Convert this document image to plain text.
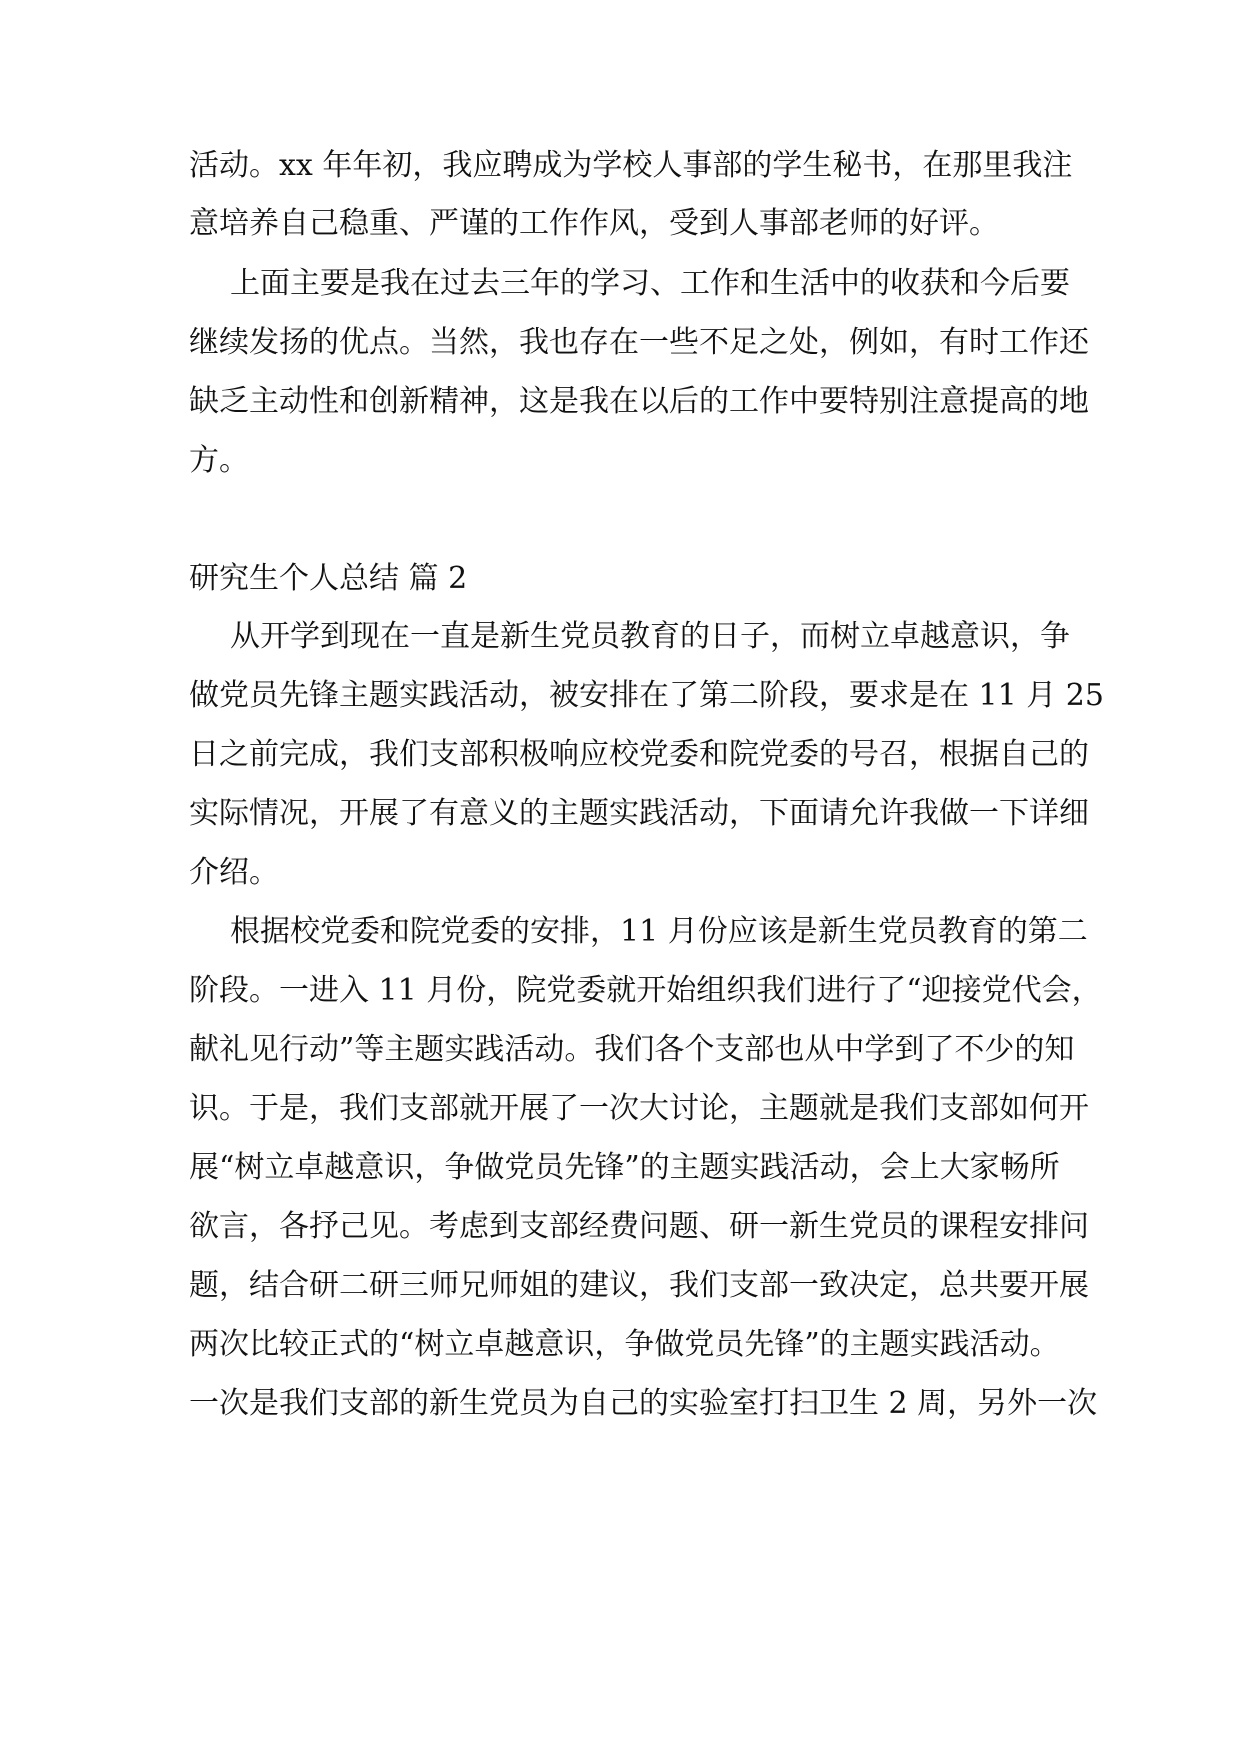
活动。xx 年年初，我应聘成为学校人事部的学生秘书，在那里我注
意培养自己稳重、严谨的工作作风，受到人事部老师的好评。
上面主要是我在过去三年的学习、工作和生活中的收获和今后要
继续发扬的优点。当然，我也存在一些不足之处，例如，有时工作还
缺乏主动性和创新精神，这是我在以后的工作中要特别注意提高的地
方。
研究生个人总结 篇 2
从开学到现在一直是新生党员教育的日子，而树立卓越意识，争
做党员先锋主题实践活动，被安排在了第二阶段，要求是在 11 月 25
日之前完成，我们支部积极响应校党委和院党委的号召，根据自己的
实际情况，开展了有意义的主题实践活动，下面请允许我做一下详细
介绍。
根据校党委和院党委的安排，11 月份应该是新生党员教育的第二
阶段。一进入 11 月份，院党委就开始组织我们进行了“迎接党代会，
献礼见行动”等主题实践活动。我们各个支部也从中学到了不少的知
识。于是，我们支部就开展了一次大讨论，主题就是我们支部如何开
展“树立卓越意识，争做党员先锋”的主题实践活动，会上大家畅所
欲言，各抒己见。考虑到支部经费问题、研一新生党员的课程安排问
题，结合研二研三师兄师姐的建议，我们支部一致决定，总共要开展
两次比较正式的“树立卓越意识，争做党员先锋”的主题实践活动。
一次是我们支部的新生党员为自己的实验室打扫卫生 2 周，另外一次
